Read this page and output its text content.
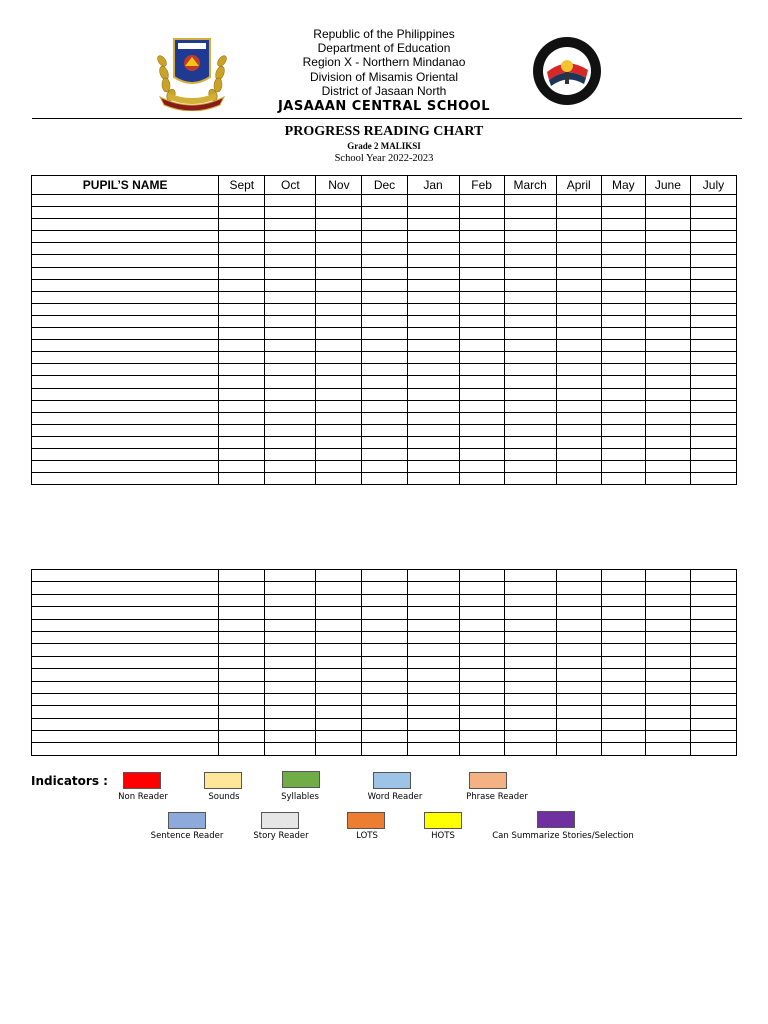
Republic of the Philippines
Department of Education
Region X - Northern Mindanao
Division of Misamis Oriental
District of Jasaan North
JASAAAN CENTRAL SCHOOL
PROGRESS READING CHART
Grade 2 MALIKSI
School Year 2022-2023
PUPIL’S NAME	Sept	Oct	Nov	Dec	Jan	Feb	March	April	May	June	July

Indicators :
Non Reader	Sounds	Syllables	Word Reader	Phrase Reader
Sentence Reader	Story Reader	LOTS	HOTS	Can Summarize Stories/Selection
